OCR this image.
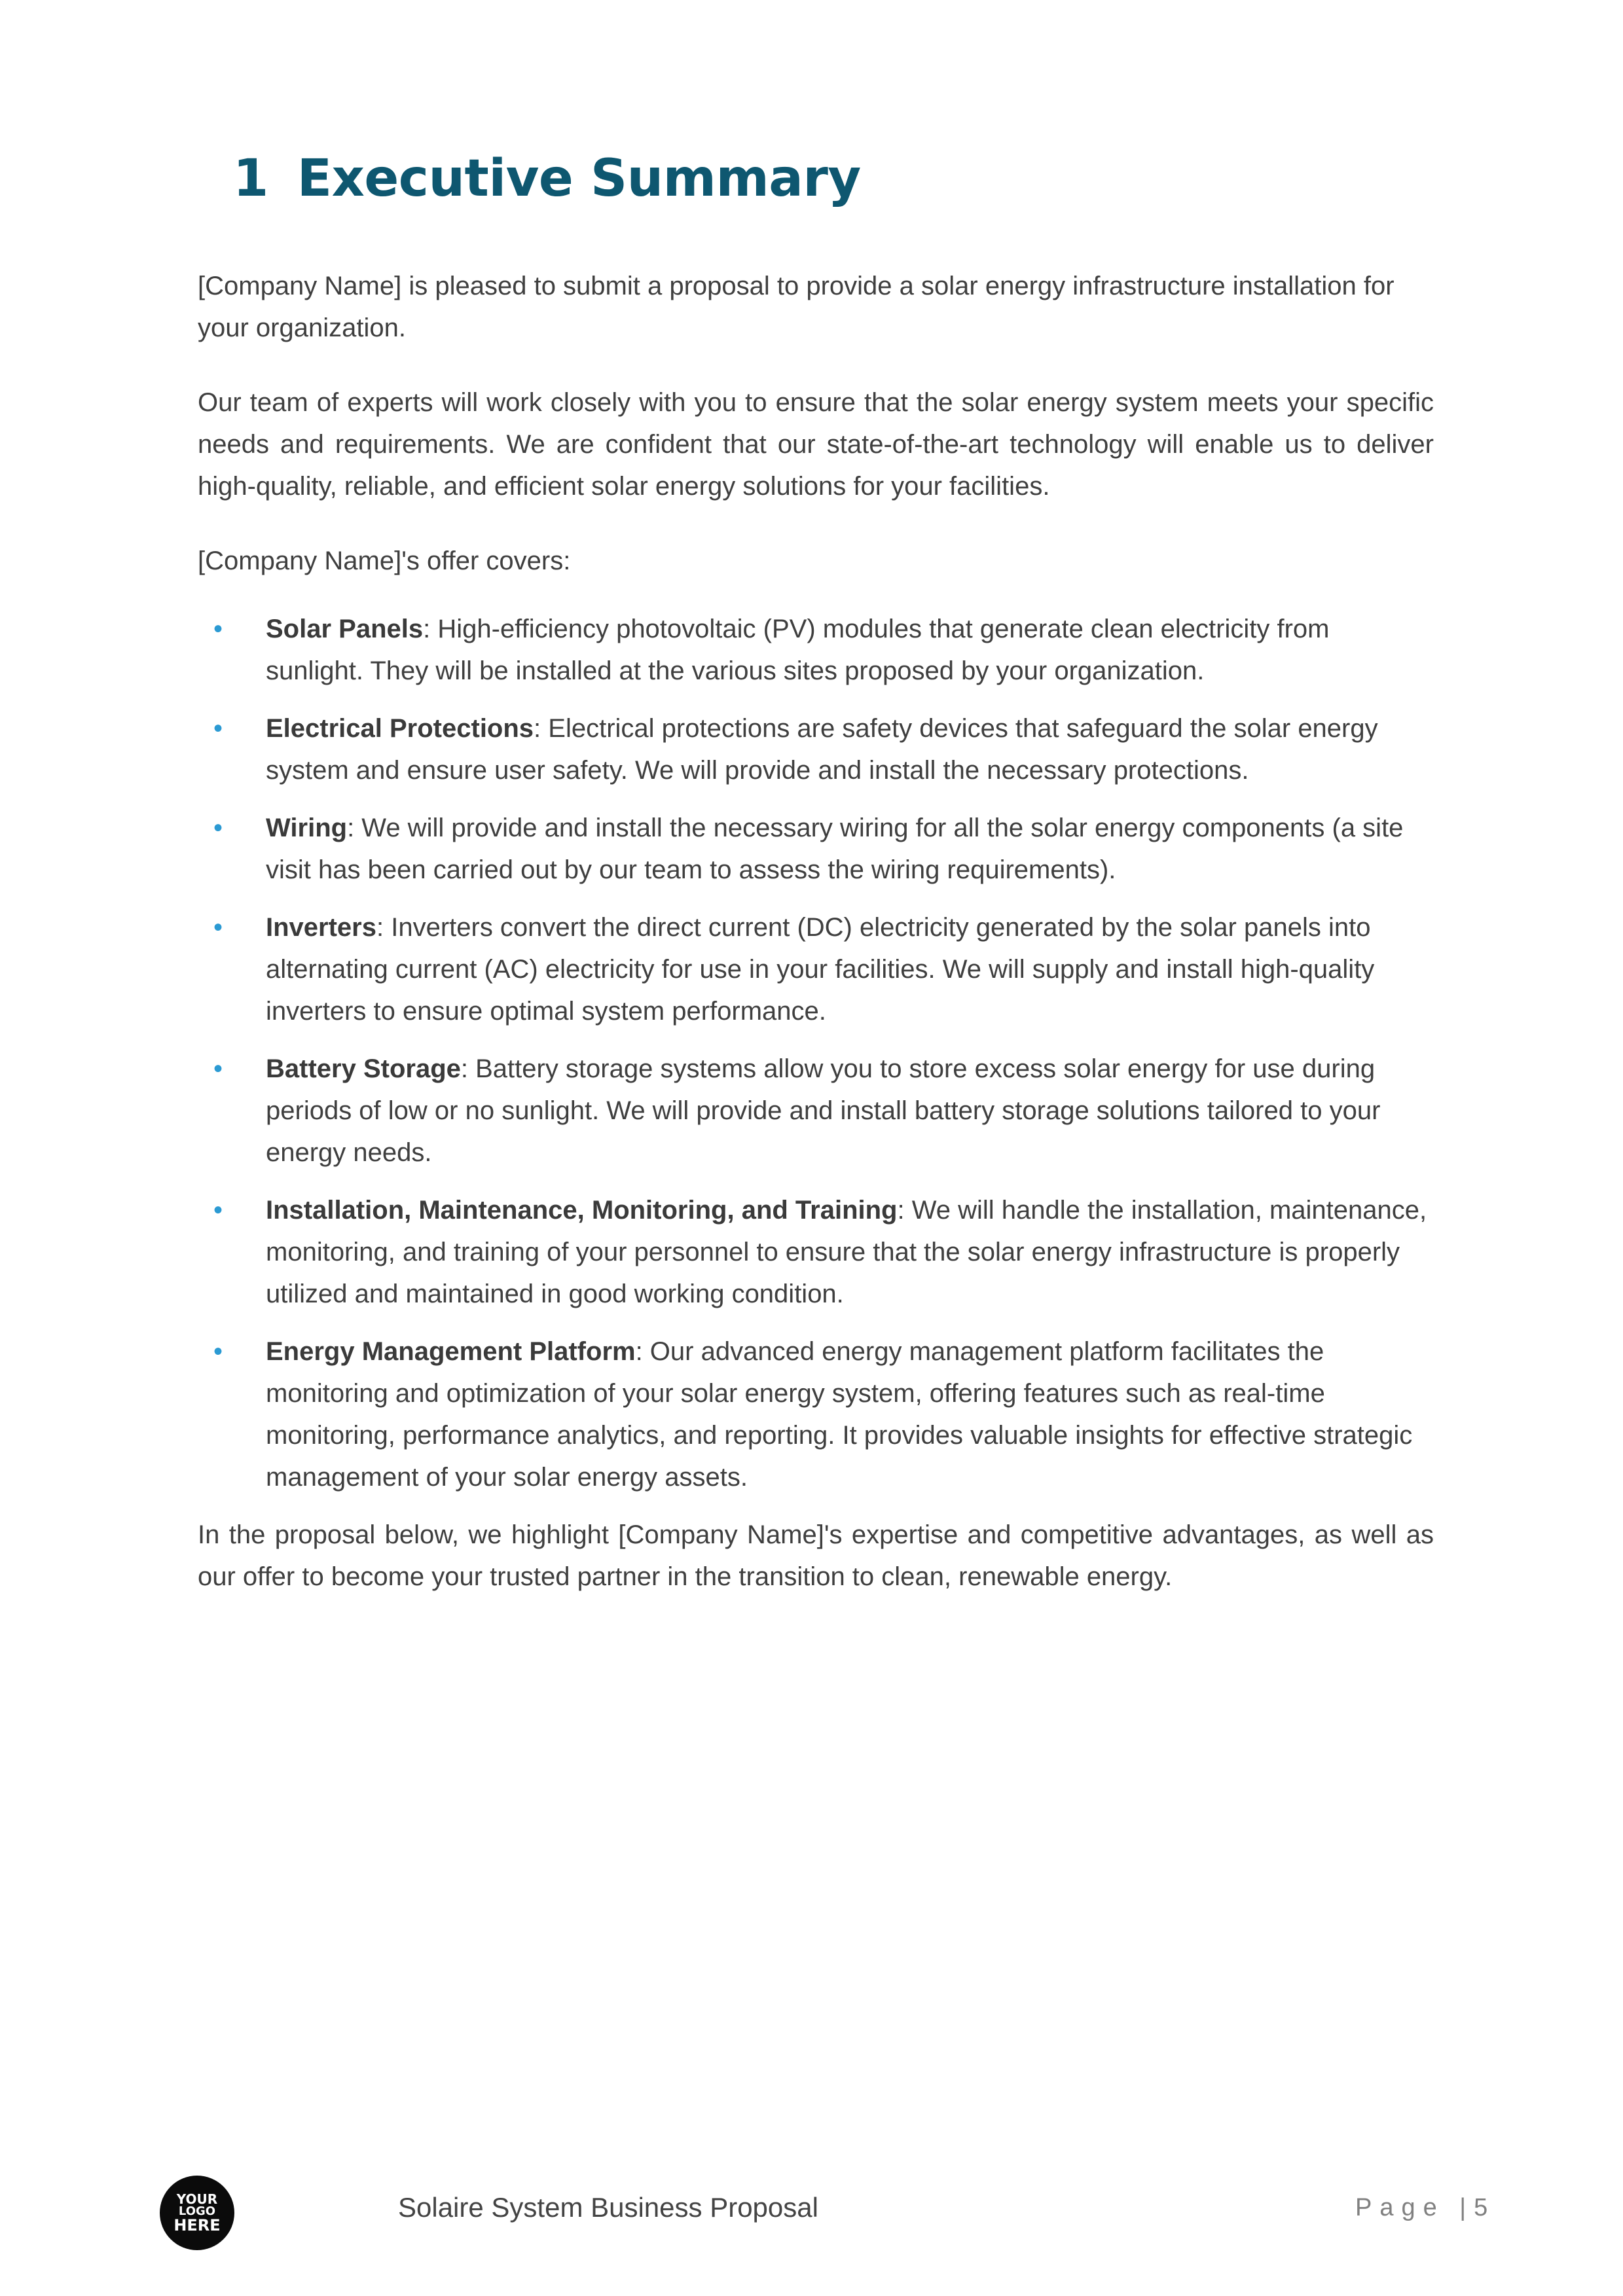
1 Executive Summary

[Company Name] is pleased to submit a proposal to provide a solar energy infrastructure installation for your organization.

Our team of experts will work closely with you to ensure that the solar energy system meets your specific needs and requirements. We are confident that our state-of-the-art technology will enable us to deliver high-quality, reliable, and efficient solar energy solutions for your facilities.

[Company Name]'s offer covers:

• Solar Panels: High-efficiency photovoltaic (PV) modules that generate clean electricity from sunlight. They will be installed at the various sites proposed by your organization.
• Electrical Protections: Electrical protections are safety devices that safeguard the solar energy system and ensure user safety. We will provide and install the necessary protections.
• Wiring: We will provide and install the necessary wiring for all the solar energy components (a site visit has been carried out by our team to assess the wiring requirements).
• Inverters: Inverters convert the direct current (DC) electricity generated by the solar panels into alternating current (AC) electricity for use in your facilities. We will supply and install high-quality inverters to ensure optimal system performance.
• Battery Storage: Battery storage systems allow you to store excess solar energy for use during periods of low or no sunlight. We will provide and install battery storage solutions tailored to your energy needs.
• Installation, Maintenance, Monitoring, and Training: We will handle the installation, maintenance, monitoring, and training of your personnel to ensure that the solar energy infrastructure is properly utilized and maintained in good working condition.
• Energy Management Platform: Our advanced energy management platform facilitates the monitoring and optimization of your solar energy system, offering features such as real-time monitoring, performance analytics, and reporting. It provides valuable insights for effective strategic management of your solar energy assets.

In the proposal below, we highlight [Company Name]'s expertise and competitive advantages, as well as our offer to become your trusted partner in the transition to clean, renewable energy.

YOUR
LOGO
HERE
Solaire System Business Proposal	Page |5
